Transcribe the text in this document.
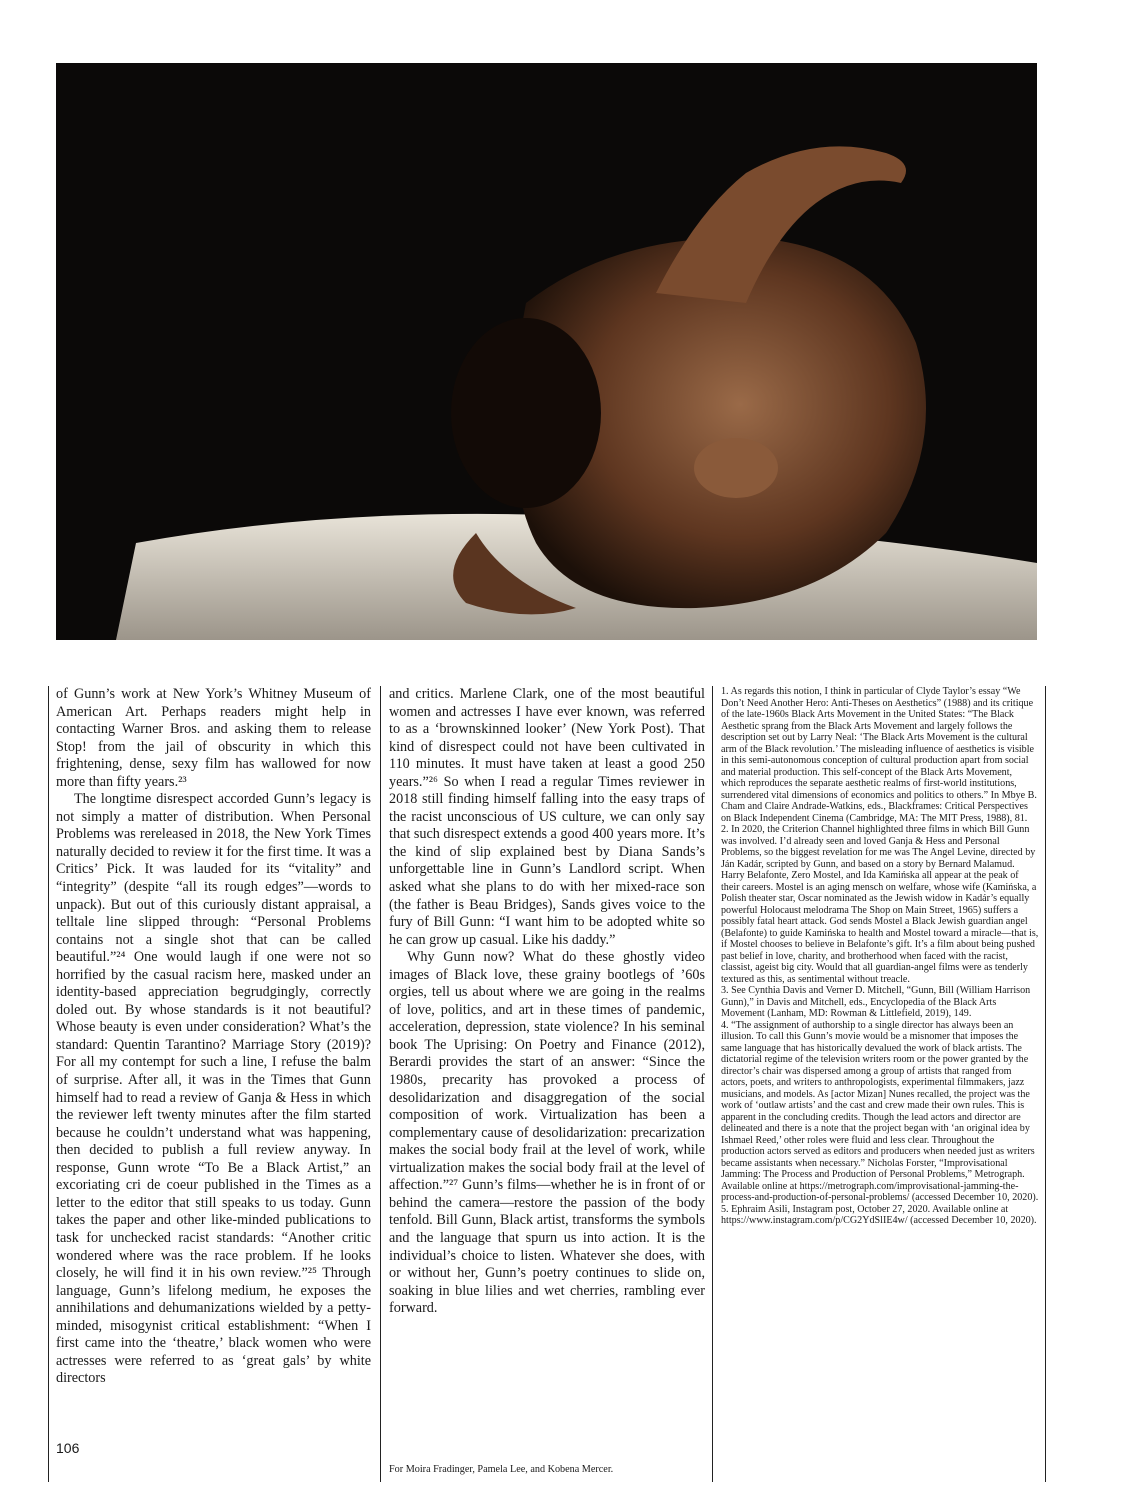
of Gunn’s work at New York’s Whitney Museum of American Art. Perhaps readers might help in contacting Warner Bros. and asking them to release Stop! from the jail of obscurity in which this frightening, dense, sexy film has wallowed for now more than fifty years.²³

The longtime disrespect accorded Gunn’s legacy is not simply a matter of distribution. When Personal Problems was rereleased in 2018, the New York Times naturally decided to review it for the first time. It was a Critics’ Pick. It was lauded for its “vitality” and “integrity” (despite “all its rough edges”—words to unpack). But out of this curiously distant appraisal, a telltale line slipped through: “Personal Problems contains not a single shot that can be called beautiful.”²⁴ One would laugh if one were not so horrified by the casual racism here, masked under an identity-based appreciation begrudgingly, correctly doled out. By whose standards is it not beautiful? Whose beauty is even under consideration? What’s the standard: Quentin Tarantino? Marriage Story (2019)? For all my contempt for such a line, I refuse the balm of surprise. After all, it was in the Times that Gunn himself had to read a review of Ganja & Hess in which the reviewer left twenty minutes after the film started because he couldn’t understand what was happening, then decided to publish a full review anyway. In response, Gunn wrote “To Be a Black Artist,” an excoriating cri de coeur published in the Times as a letter to the editor that still speaks to us today. Gunn takes the paper and other like-minded publications to task for unchecked racist standards: “Another critic wondered where was the race problem. If he looks closely, he will find it in his own review.”²⁵ Through language, Gunn’s lifelong medium, he exposes the annihilations and dehumanizations wielded by a petty-minded, misogynist critical establishment: “When I first came into the ‘theatre,’ black women who were actresses were referred to as ‘great gals’ by white directors

and critics. Marlene Clark, one of the most beautiful women and actresses I have ever known, was referred to as a ‘brownskinned looker’ (New York Post). That kind of disrespect could not have been cultivated in 110 minutes. It must have taken at least a good 250 years.”²⁶ So when I read a regular Times reviewer in 2018 still finding himself falling into the easy traps of the racist unconscious of US culture, we can only say that such disrespect extends a good 400 years more. It’s the kind of slip explained best by Diana Sands’s unforgettable line in Gunn’s Landlord script. When asked what she plans to do with her mixed-race son (the father is Beau Bridges), Sands gives voice to the fury of Bill Gunn: “I want him to be adopted white so he can grow up casual. Like his daddy.”

Why Gunn now? What do these ghostly video images of Black love, these grainy bootlegs of ’60s orgies, tell us about where we are going in the realms of love, politics, and art in these times of pandemic, acceleration, depression, state violence? In his seminal book The Uprising: On Poetry and Finance (2012), Berardi provides the start of an answer: “Since the 1980s, precarity has provoked a process of desolidarization and disaggregation of the social composition of work. Virtualization has been a complementary cause of desolidarization: precarization makes the social body frail at the level of work, while virtualization makes the social body frail at the level of affection.”²⁷ Gunn’s films—whether he is in front of or behind the camera—restore the passion of the body tenfold. Bill Gunn, Black artist, transforms the symbols and the language that spurn us into action. It is the individual’s choice to listen. Whatever she does, with or without her, Gunn’s poetry continues to slide on, soaking in blue lilies and wet cherries, rambling ever forward.

For Moira Fradinger, Pamela Lee, and Kobena Mercer.

1. As regards this notion, I think in particular of Clyde Taylor’s essay “We Don’t Need Another Hero: Anti-Theses on Aesthetics” (1988) and its critique of the late-1960s Black Arts Movement in the United States: “The Black Aesthetic sprang from the Black Arts Movement and largely follows the description set out by Larry Neal: ‘The Black Arts Movement is the cultural arm of the Black revolution.’ The misleading influence of aesthetics is visible in this semi-autonomous conception of cultural production apart from social and material production. This self-concept of the Black Arts Movement, which reproduces the separate aesthetic realms of first-world institutions, surrendered vital dimensions of economics and politics to others.” In Mbye B. Cham and Claire Andrade-Watkins, eds., Blackframes: Critical Perspectives on Black Independent Cinema (Cambridge, MA: The MIT Press, 1988), 81.

2. In 2020, the Criterion Channel highlighted three films in which Bill Gunn was involved. I’d already seen and loved Ganja & Hess and Personal Problems, so the biggest revelation for me was The Angel Levine, directed by Ján Kadár, scripted by Gunn, and based on a story by Bernard Malamud. Harry Belafonte, Zero Mostel, and Ida Kamińska all appear at the peak of their careers. Mostel is an aging mensch on welfare, whose wife (Kamińska, a Polish theater star, Oscar nominated as the Jewish widow in Kadár’s equally powerful Holocaust melodrama The Shop on Main Street, 1965) suffers a possibly fatal heart attack. God sends Mostel a Black Jewish guardian angel (Belafonte) to guide Kamińska to health and Mostel toward a miracle—that is, if Mostel chooses to believe in Belafonte’s gift. It’s a film about being pushed past belief in love, charity, and brotherhood when faced with the racist, classist, ageist big city. Would that all guardian-angel films were as tenderly textured as this, as sentimental without treacle.

3. See Cynthia Davis and Verner D. Mitchell, “Gunn, Bill (William Harrison Gunn),” in Davis and Mitchell, eds., Encyclopedia of the Black Arts Movement (Lanham, MD: Rowman & Littlefield, 2019), 149.

4. “The assignment of authorship to a single director has always been an illusion. To call this Gunn’s movie would be a misnomer that imposes the same language that has historically devalued the work of black artists. The dictatorial regime of the television writers room or the power granted by the director’s chair was dispersed among a group of artists that ranged from actors, poets, and writers to anthropologists, experimental filmmakers, jazz musicians, and models. As [actor Mizan] Nunes recalled, the project was the work of ‘outlaw artists’ and the cast and crew made their own rules. This is apparent in the concluding credits. Though the lead actors and director are delineated and there is a note that the project began with ‘an original idea by Ishmael Reed,’ other roles were fluid and less clear. Throughout the production actors served as editors and producers when needed just as writers became assistants when necessary.” Nicholas Forster, “Improvisational Jamming: The Process and Production of Personal Problems,” Metrograph. Available online at https://metrograph.com/improvisational-jamming-the-process-and-production-of-personal-problems/ (accessed December 10, 2020).

5. Ephraim Asili, Instagram post, October 27, 2020. Available online at https://www.instagram.com/p/CG2YdSlIE4w/ (accessed December 10, 2020).

106
